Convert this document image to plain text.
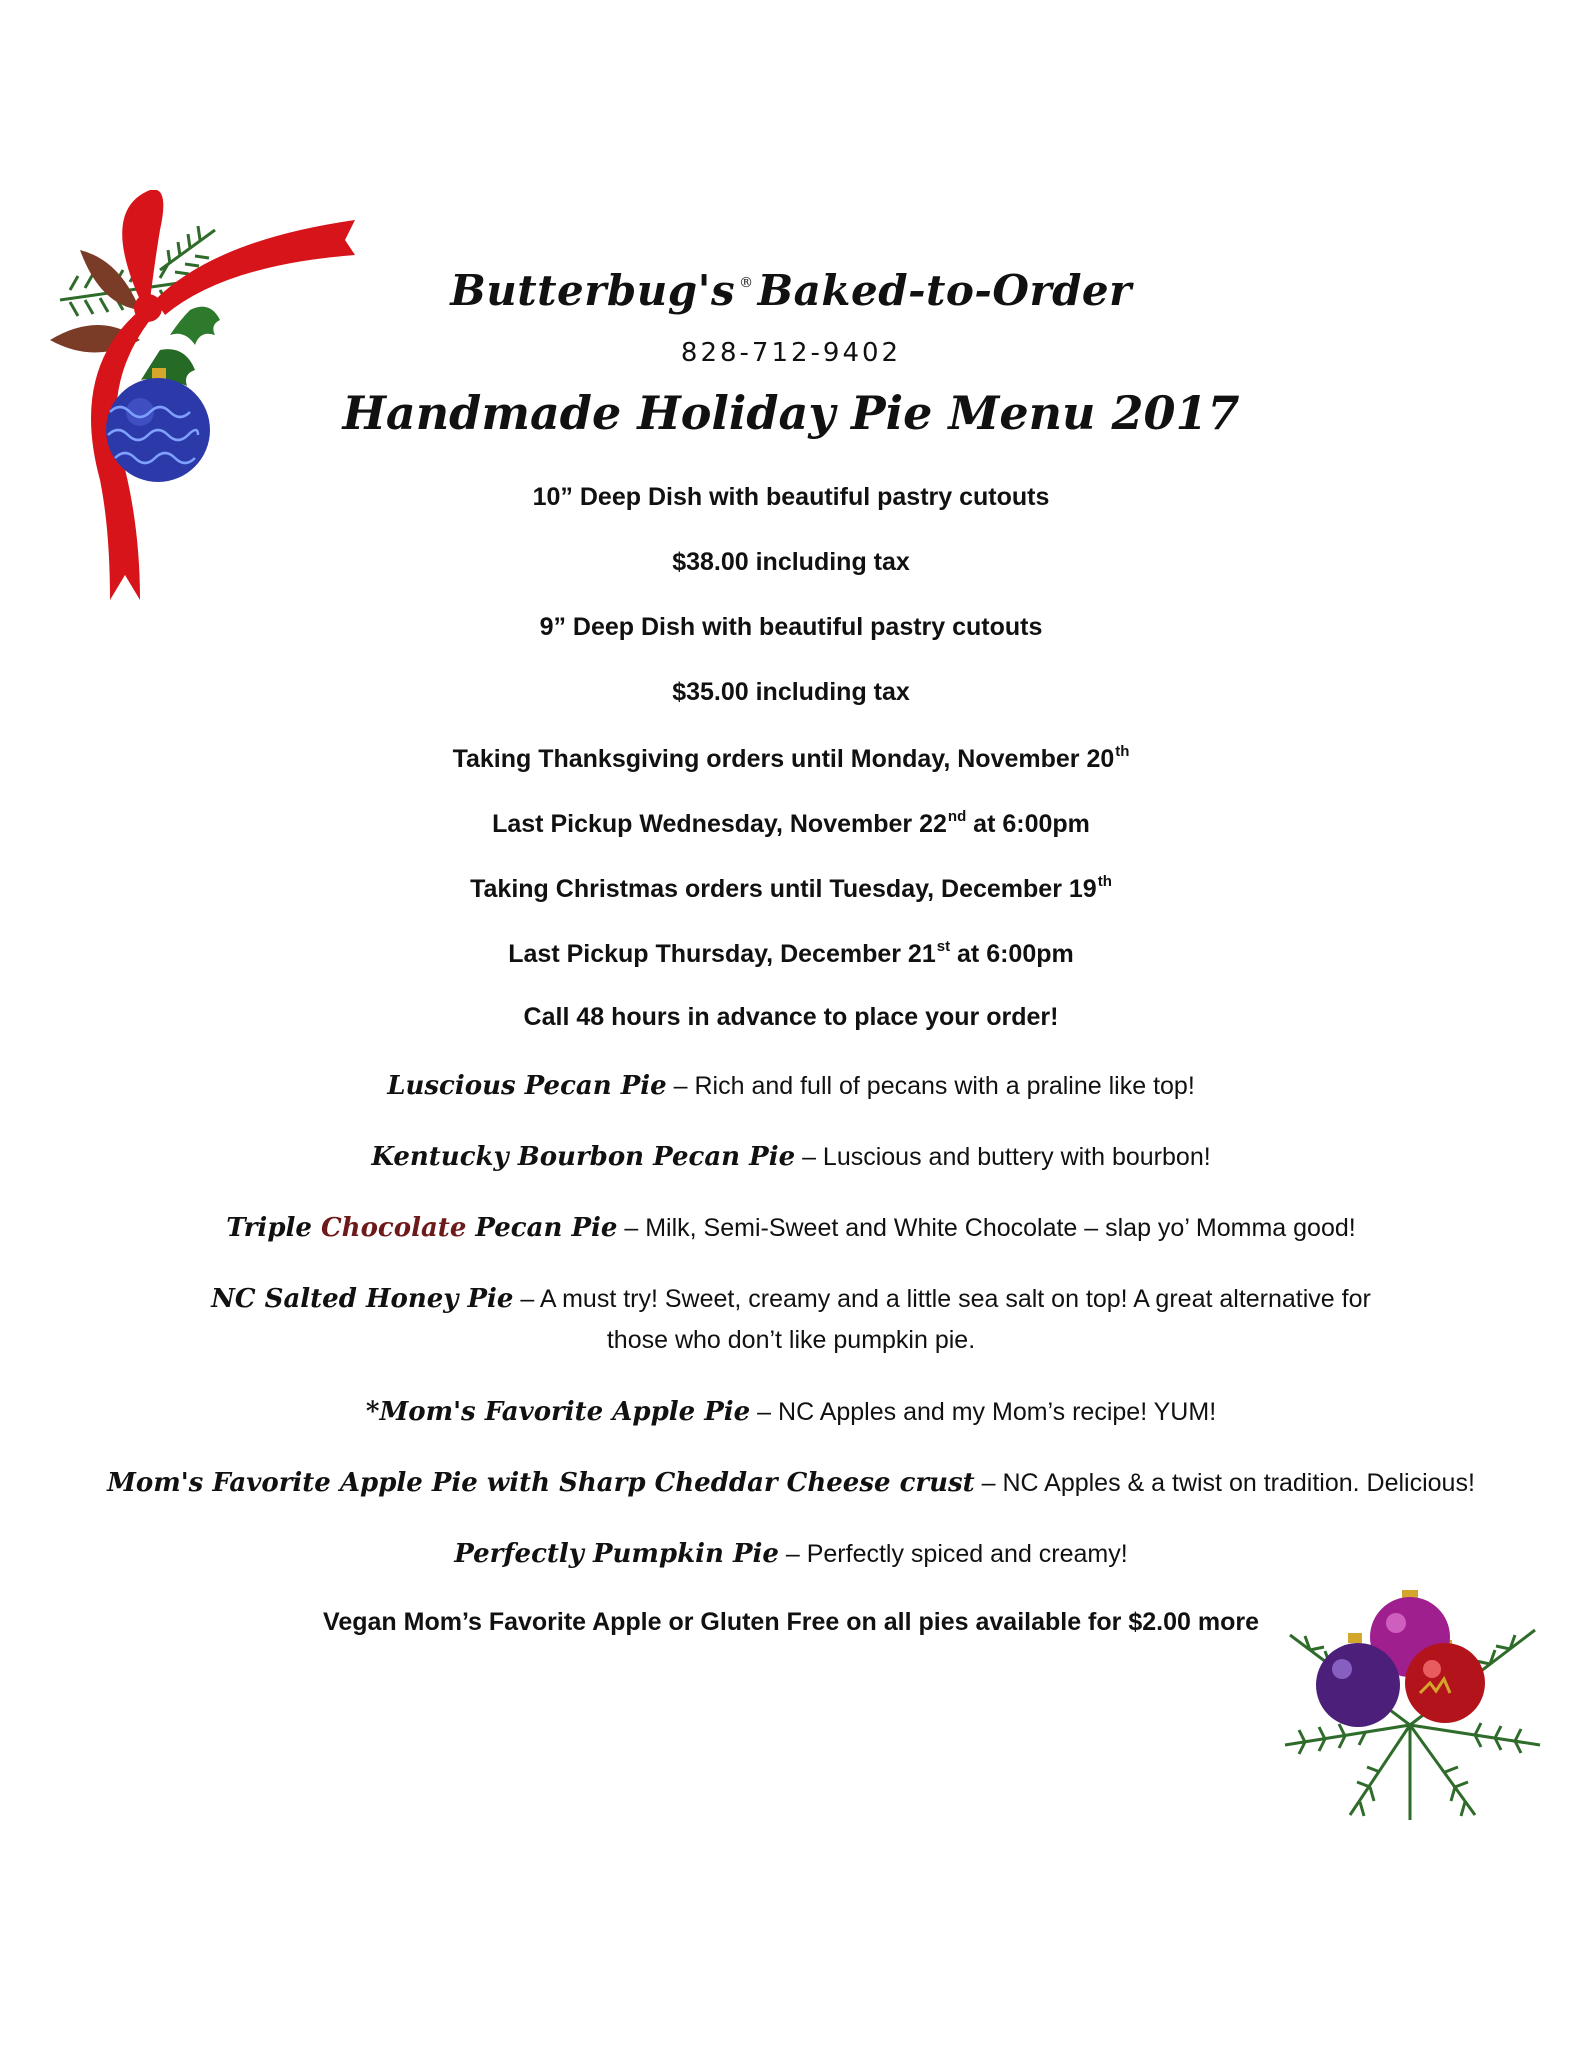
Butterbug's ®Baked-to-Order
828-712-9402
Handmade Holiday Pie Menu 2017
10” Deep Dish with beautiful pastry cutouts
$38.00 including tax
9” Deep Dish with beautiful pastry cutouts
$35.00 including tax
Taking Thanksgiving orders until Monday, November 20th
Last Pickup Wednesday, November 22nd at 6:00pm
Taking Christmas orders until Tuesday, December 19th
Last Pickup Thursday, December 21st at 6:00pm
Call 48 hours in advance to place your order!
Luscious Pecan Pie – Rich and full of pecans with a praline like top!
Kentucky Bourbon Pecan Pie – Luscious and buttery with bourbon!
Triple Chocolate Pecan Pie – Milk, Semi-Sweet and White Chocolate – slap yo’ Momma good!
NC Salted Honey Pie – A must try! Sweet, creamy and a little sea salt on top! A great alternative for
those who don’t like pumpkin pie.
*Mom's Favorite Apple Pie – NC Apples and my Mom’s recipe! YUM!
Mom's Favorite Apple Pie with Sharp Cheddar Cheese crust – NC Apples & a twist on tradition. Delicious!
Perfectly Pumpkin Pie – Perfectly spiced and creamy!
Vegan Mom’s Favorite Apple or Gluten Free on all pies available for $2.00 more
